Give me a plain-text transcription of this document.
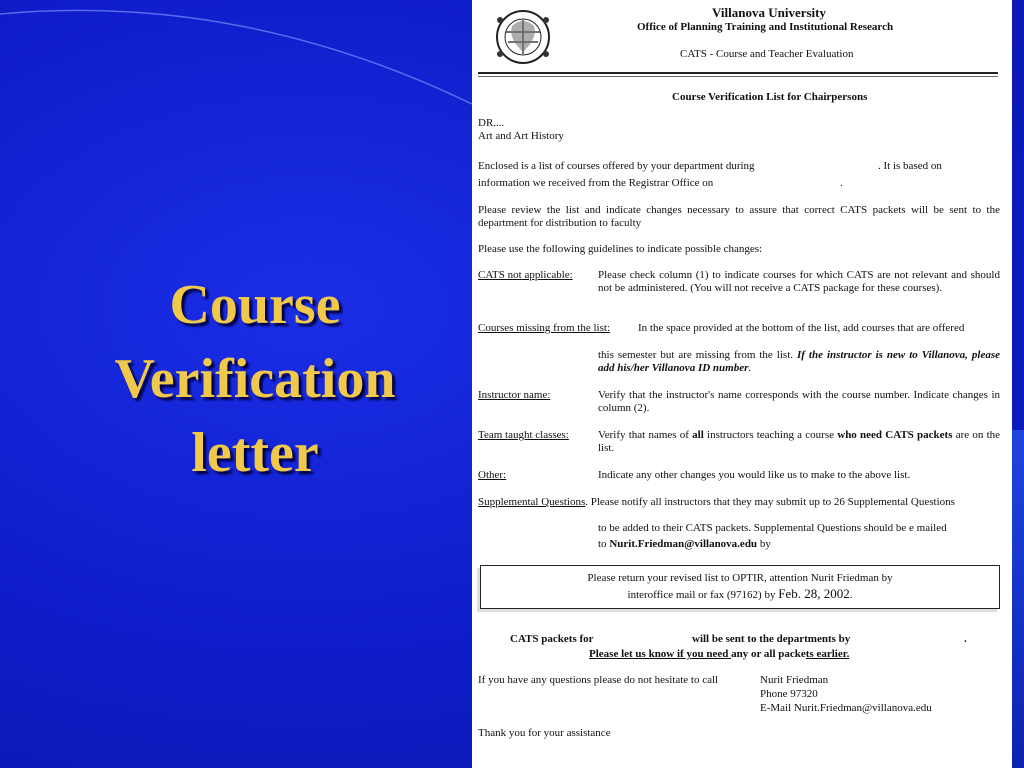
Course
Verification
letter
Villanova University
Office of Planning Training and Institutional Research
CATS - Course and Teacher Evaluation
Course Verification List for Chairpersons
DR....
Art and Art History
Enclosed is a list of courses offered by your department during	. It is based on
information we received from the Registrar Office on	.
Please review the list and indicate changes necessary to assure that correct CATS packets will be sent to the department for distribution to faculty
Please use the following guidelines to indicate possible changes:
CATS not applicable: Please check column (1) to indicate courses for which CATS are not relevant and should not be administered. (You will not receive a CATS package for these courses).
Courses missing from the list:	In the space provided at the bottom of the list, add courses that are offered
this semester but are missing from the list. If the instructor is new to Villanova, please add his/her Villanova ID number.
Instructor name:	Verify that the instructor's name corresponds with the course number. Indicate changes in column (2).
Team taught classes:	Verify that names of all instructors teaching a course who need CATS packets are on the list.
Other:	Indicate any other changes you would like us to make to the above list.
Supplemental Questions. Please notify all instructors that they may submit up to 26 Supplemental Questions
to be added to their CATS packets. Supplemental Questions should be e mailed
to Nurit.Friedman@villanova.edu by
Please return your revised list to OPTIR, attention Nurit Friedman by
interoffice mail or fax (97162) by Feb. 28, 2002.
CATS packets for	will be sent to the departments by	.
Please let us know if you need any or all packets earlier.
If you have any questions please do not hesitate to call	Nurit Friedman
Phone 97320
E-Mail Nurit.Friedman@villanova.edu
Thank you for your assistance
